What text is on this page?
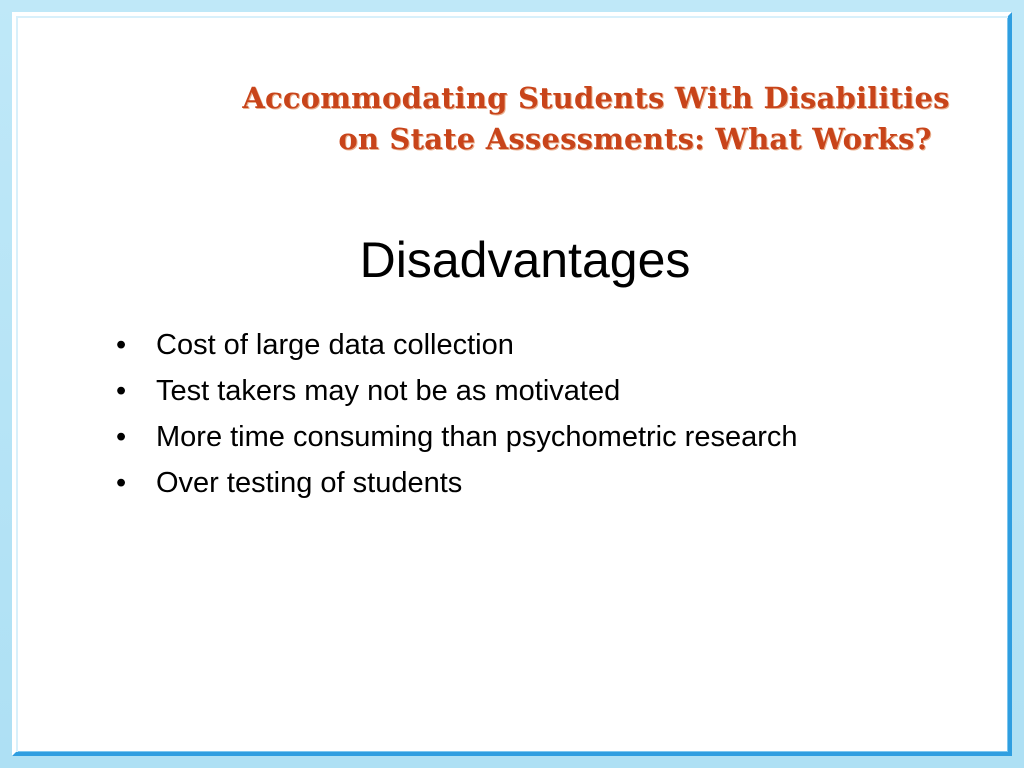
Accommodating Students With Disabilities
on State Assessments: What Works?
Disadvantages
• Cost of large data collection
• Test takers may not be as motivated
• More time consuming than psychometric research
• Over testing of students
